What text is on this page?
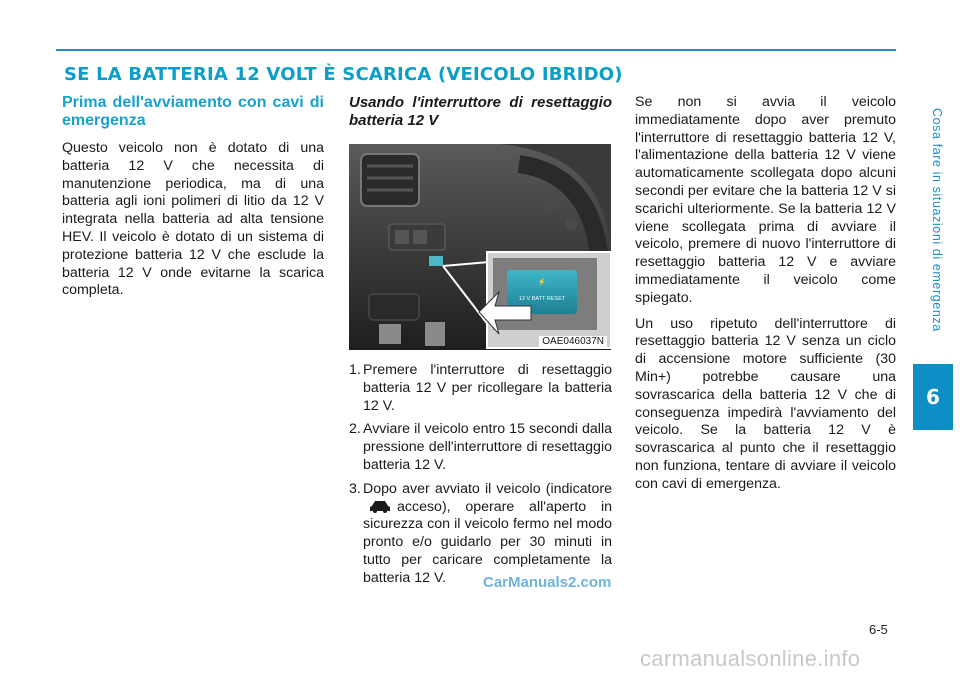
SE LA BATTERIA 12 VOLT È SCARICA (VEICOLO IBRIDO)
Cosa fare in situazioni di emergenza
6
Prima dell'avviamento con cavi di emergenza

Questo veicolo non è dotato di una batteria 12 V che necessita di manutenzione periodica, ma di una batteria agli ioni polimeri di litio da 12 V integrata nella batteria ad alta tensione HEV. Il veicolo è dotato di un sistema di protezione batteria 12 V che esclude la batteria 12 V onde evitarne la scarica completa.

Usando l'interruttore di resettaggio batteria 12 V
⚡
12 V BATT RESET
OAE046037N
1. Premere l'interruttore di resettaggio batteria 12 V per ricollegare la batteria 12 V.
2. Avviare il veicolo entro 15 secondi dalla pressione dell'interruttore di resettaggio batteria 12 V.
3. Dopo aver avviato il veicolo (indicatoreacceso), operare all'aperto in sicurezza con il veicolo fermo nel modo pronto e/o guidarlo per 30 minuti in tutto per caricare completamente la batteria 12 V.

Se non si avvia il veicolo immediatamente dopo aver premuto l'interruttore di resettaggio batteria 12 V, l'alimentazione della batteria 12 V viene automaticamente scollegata dopo alcuni secondi per evitare che la batteria 12 V si scarichi ulteriormente. Se la batteria 12 V viene scollegata prima di avviare il veicolo, premere di nuovo l'interruttore di resettaggio batteria 12 V e avviare immediatamente il veicolo come spiegato.

Un uso ripetuto dell'interruttore di resettaggio batteria 12 V senza un ciclo di accensione motore sufficiente (30 Min+) potrebbe causare una sovrascarica della batteria 12 V che di conseguenza impedirà l'avviamento del veicolo. Se la batteria 12 V è sovrascarica al punto che il resettaggio non funziona, tentare di avviare il veicolo con cavi di emergenza.

CarManuals2.com
6-5
carmanualsonline.info
